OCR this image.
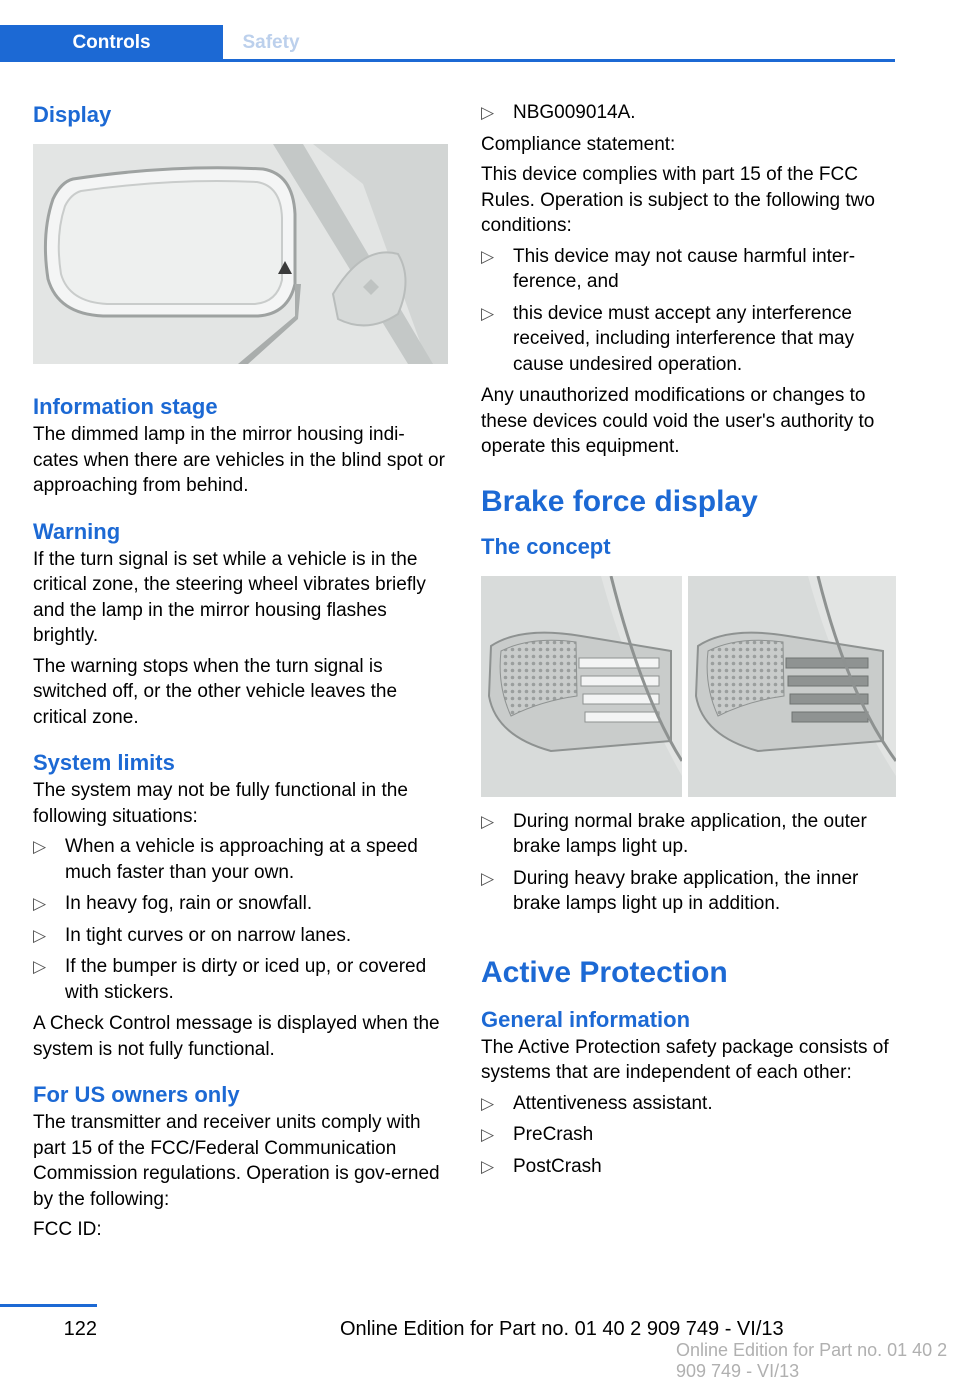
Controls	Safety
Display
Information stage

The dimmed lamp in the mirror housing indi-cates when there are vehicles in the blind spot or approaching from behind.

Warning

If the turn signal is set while a vehicle is in the critical zone, the steering wheel vibrates briefly and the lamp in the mirror housing flashes brightly.

The warning stops when the turn signal is switched off, or the other vehicle leaves the critical zone.

System limits

The system may not be fully functional in the following situations:

▷ When a vehicle is approaching at a speed much faster than your own.
▷ In heavy fog, rain or snowfall.
▷ In tight curves or on narrow lanes.
▷ If the bumper is dirty or iced up, or covered with stickers.

A Check Control message is displayed when the system is not fully functional.

For US owners only

The transmitter and receiver units comply with part 15 of the FCC/Federal Communication Commission regulations. Operation is gov-erned by the following:

FCC ID:

▷ NBG009014A.

Compliance statement:

This device complies with part 15 of the FCC Rules. Operation is subject to the following two conditions:

▷ This device may not cause harmful inter-ference, and
▷ this device must accept any interference received, including interference that may cause undesired operation.

Any unauthorized modifications or changes to these devices could void the user's authority to operate this equipment.

Brake force display
The concept
▷ During normal brake application, the outer brake lamps light up.
▷ During heavy brake application, the inner brake lamps light up in addition.
Active Protection
General information

The Active Protection safety package consists of systems that are independent of each other:

▷ Attentiveness assistant.
▷ PreCrash
▷ PostCrash
122	Online Edition for Part no. 01 40 2 909 749 - VI/13
Online Edition for Part no. 01 40 2 909 749 - VI/13
